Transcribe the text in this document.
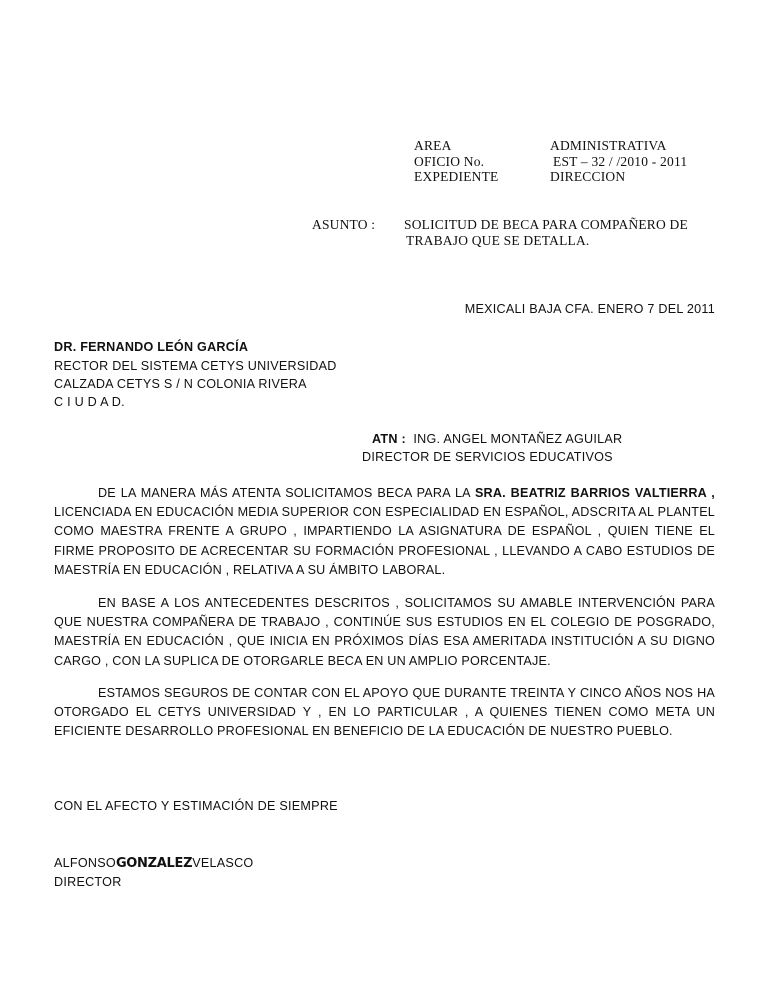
AREA	ADMINISTRATIVA
OFICIO No.	EST – 32 / /2010 - 2011
EXPEDIENTE	DIRECCION
ASUNTO : SOLICITUD DE BECA PARA COMPAÑERO DE
TRABAJO QUE SE DETALLA.
MEXICALI BAJA CFA. ENERO 7 DEL 2011
DR. FERNANDO LEÓN GARCÍA
RECTOR DEL SISTEMA CETYS UNIVERSIDAD
CALZADA CETYS S / N COLONIA RIVERA
C I U D A D.
ATN : ING. ANGEL MONTAÑEZ AGUILAR
DIRECTOR DE SERVICIOS EDUCATIVOS

DE LA MANERA MÁS ATENTA SOLICITAMOS BECA PARA LA SRA. BEATRIZ BARRIOS VALTIERRA , LICENCIADA EN EDUCACIÓN MEDIA SUPERIOR CON ESPECIALIDAD EN ESPAÑOL, ADSCRITA AL PLANTEL COMO MAESTRA FRENTE A GRUPO , IMPARTIENDO LA ASIGNATURA DE ESPAÑOL , QUIEN TIENE EL FIRME PROPOSITO DE ACRECENTAR SU FORMACIÓN PROFESIONAL , LLEVANDO A CABO ESTUDIOS DE MAESTRÍA EN EDUCACIÓN , RELATIVA A SU ÁMBITO LABORAL.

EN BASE A LOS ANTECEDENTES DESCRITOS , SOLICITAMOS SU AMABLE INTERVENCIÓN PARA QUE NUESTRA COMPAÑERA DE TRABAJO , CONTINÚE SUS ESTUDIOS EN EL COLEGIO DE POSGRADO, MAESTRÍA EN EDUCACIÓN , QUE INICIA EN PRÓXIMOS DÍAS ESA AMERITADA INSTITUCIÓN A SU DIGNO CARGO , CON LA SUPLICA DE OTORGARLE BECA EN UN AMPLIO PORCENTAJE.

ESTAMOS SEGUROS DE CONTAR CON EL APOYO QUE DURANTE TREINTA Y CINCO AÑOS NOS HA OTORGADO EL CETYS UNIVERSIDAD Y , EN LO PARTICULAR , A QUIENES TIENEN COMO META UN EFICIENTE DESARROLLO PROFESIONAL EN BENEFICIO DE LA EDUCACIÓN DE NUESTRO PUEBLO.

CON EL AFECTO Y ESTIMACIÓN DE SIEMPRE
ALFONSOGONZALEZVELASCO
DIRECTOR
